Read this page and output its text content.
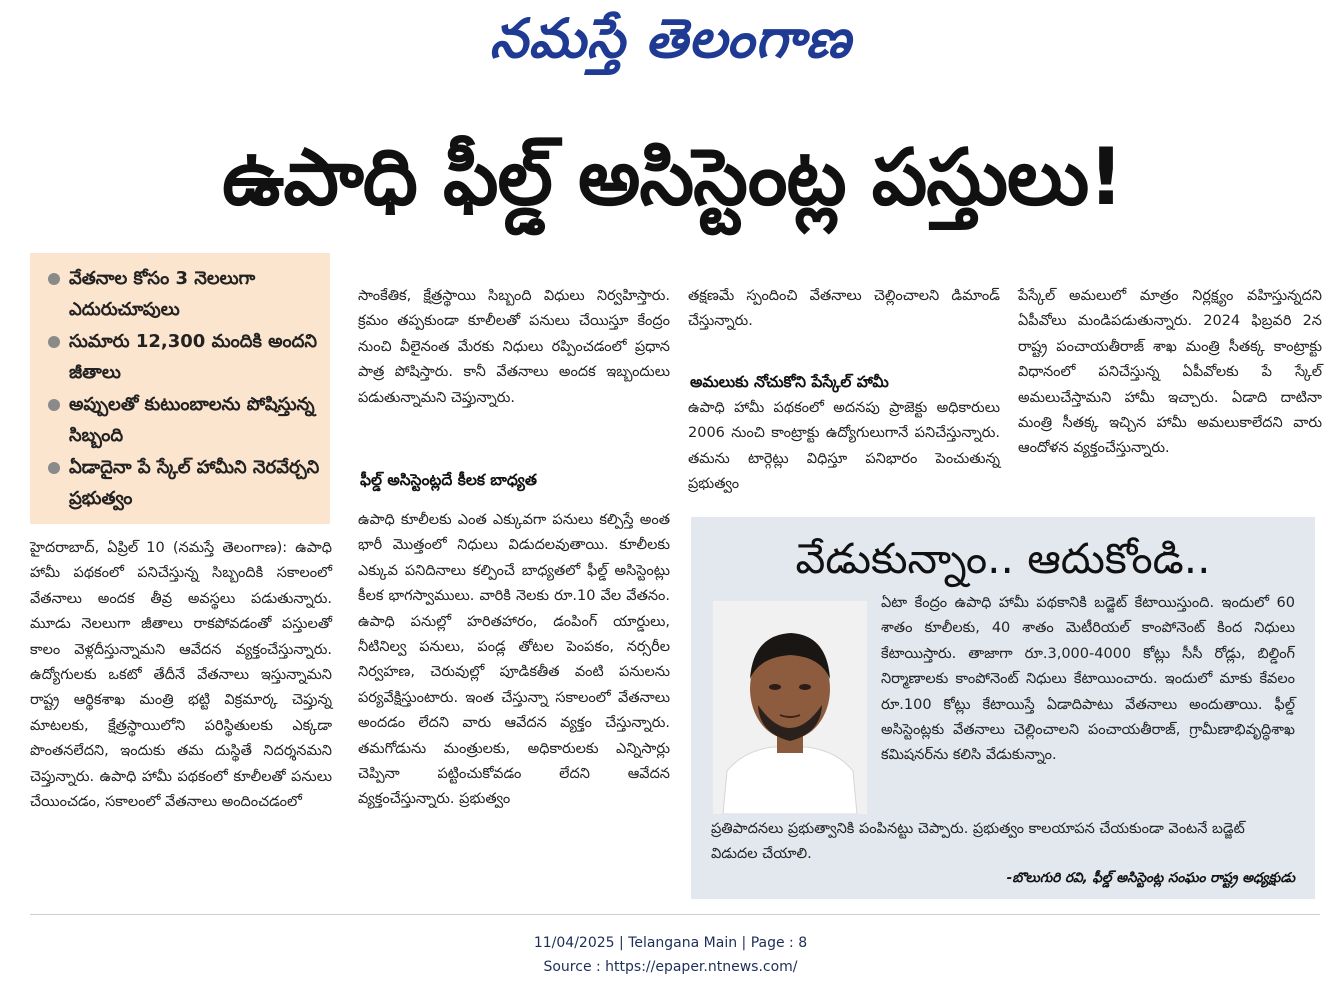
నమస్తే తెలంగాణ
ఉపాధి ఫీల్డ్ అసిస్టెంట్ల పస్తులు!
వేతనాల కోసం 3 నెలలుగా ఎదురుచూపులు
సుమారు 12,300 మందికి అందని జీతాలు
అప్పులతో కుటుంబాలను పోషిస్తున్న సిబ్బంది
ఏడాదైనా పే స్కేల్ హామీని నెరవేర్చని ప్రభుత్వం
హైదరాబాద్, ఏప్రిల్ 10 (నమస్తే తెలంగాణ): ఉపాధి హామీ పథకంలో పనిచేస్తున్న సిబ్బందికి సకాలంలో వేతనాలు అందక తీవ్ర అవస్థలు పడుతున్నారు. మూడు నెలలుగా జీతాలు రాకపోవడంతో పస్తులతో కాలం వెళ్లదీస్తున్నామని ఆవేదన వ్యక్తంచేస్తున్నారు. ఉద్యోగులకు ఒకటో తేదీనే వేతనాలు ఇస్తున్నామని రాష్ట్ర ఆర్థికశాఖ మంత్రి భట్టి విక్రమార్క చెప్తున్న మాటలకు, క్షేత్రస్థాయిలోని పరిస్థితులకు ఎక్కడా పొంతనలేదని, ఇందుకు తమ దుస్థితే నిదర్శనమని చెప్తున్నారు. ఉపాధి హామీ పథకంలో కూలీలతో పనులు చేయించడం, సకాలంలో వేతనాలు అందించడంలో
సాంకేతిక, క్షేత్రస్థాయి సిబ్బంది విధులు నిర్వహిస్తారు. క్రమం తప్పకుండా కూలీలతో పనులు చేయిస్తూ కేంద్రం నుంచి వీలైనంత మేరకు నిధులు రప్పించడంలో ప్రధాన పాత్ర పోషిస్తారు. కానీ వేతనాలు అందక ఇబ్బందులు పడుతున్నామని చెప్తున్నారు.
ఫీల్డ్ అసిస్టెంట్లదే కీలక బాధ్యత
ఉపాధి కూలీలకు ఎంత ఎక్కువగా పనులు కల్పిస్తే అంత భారీ మొత్తంలో నిధులు విడుదలవుతాయి. కూలీలకు ఎక్కువ పనిదినాలు కల్పించే బాధ్యతలో ఫీల్డ్ అసిస్టెంట్లు కీలక భాగస్వాములు. వారికి నెలకు రూ.10 వేల వేతనం. ఉపాధి పనుల్లో హరితహారం, డంపింగ్ యార్డులు, నీటినిల్వ పనులు, పండ్ల తోటల పెంపకం, నర్సరీల నిర్వహణ, చెరువుల్లో పూడికతీత వంటి పనులను పర్యవేక్షిస్తుంటారు. ఇంత చేస్తున్నా సకాలంలో వేతనాలు అందడం లేదని వారు ఆవేదన వ్యక్తం చేస్తున్నారు. తమగోడును మంత్రులకు, అధికారులకు ఎన్నిసార్లు చెప్పినా పట్టించుకోవడం లేదని ఆవేదన వ్యక్తంచేస్తున్నారు. ప్రభుత్వం
తక్షణమే స్పందించి వేతనాలు చెల్లించాలని డిమాండ్ చేస్తున్నారు.
అమలుకు నోచుకోని పేస్కేల్ హామీ
ఉపాధి హామీ పథకంలో అదనపు ప్రాజెక్టు అధికారులు 2006 నుంచి కాంట్రాక్టు ఉద్యోగులుగానే పనిచేస్తున్నారు. తమను టార్గెట్లు విధిస్తూ పనిభారం పెంచుతున్న ప్రభుత్వం
పేస్కేల్ అమలులో మాత్రం నిర్లక్ష్యం వహిస్తున్నదని ఏపీవోలు మండిపడుతున్నారు. 2024 ఫిబ్రవరి 2న రాష్ట్ర పంచాయతీరాజ్ శాఖ మంత్రి సీతక్క కాంట్రాక్టు విధానంలో పనిచేస్తున్న ఏపీవోలకు పే స్కేల్ అమలుచేస్తామని హామీ ఇచ్చారు. ఏడాది దాటినా మంత్రి సీతక్క ఇచ్చిన హామీ అమలుకాలేదని వారు ఆందోళన వ్యక్తంచేస్తున్నారు.
వేడుకున్నాం.. ఆదుకోండి..
ఏటా కేంద్రం ఉపాధి హామీ పథకానికి బడ్జెట్ కేటాయిస్తుంది. ఇందులో 60 శాతం కూలీలకు, 40 శాతం మెటీరియల్ కాంపోనెంట్ కింద నిధులు కేటాయిస్తారు. తాజాగా రూ.3,000-4000 కోట్లు సీసీ రోడ్లు, బిల్డింగ్ నిర్మాణాలకు కాంపోనెంట్ నిధులు కేటాయించారు. ఇందులో మాకు కేవలం రూ.100 కోట్లు కేటాయిస్తే ఏడాదిపాటు వేతనాలు అందుతాయి. ఫీల్డ్ అసిస్టెంట్లకు వేతనాలు చెల్లించాలని పంచాయతీరాజ్, గ్రామీణాభివృద్ధిశాఖ కమిషనర్‌ను కలిసి వేడుకున్నాం.
ప్రతిపాదనలు ప్రభుత్వానికి పంపినట్టు చెప్పారు. ప్రభుత్వం కాలయాపన చేయకుండా వెంటనే బడ్జెట్ విడుదల చేయాలి.
-బొలుగురి రవి, ఫీల్డ్ అసిస్టెంట్ల సంఘం రాష్ట్ర అధ్యక్షుడు
11/04/2025 | Telangana Main | Page : 8
Source : https://epaper.ntnews.com/
